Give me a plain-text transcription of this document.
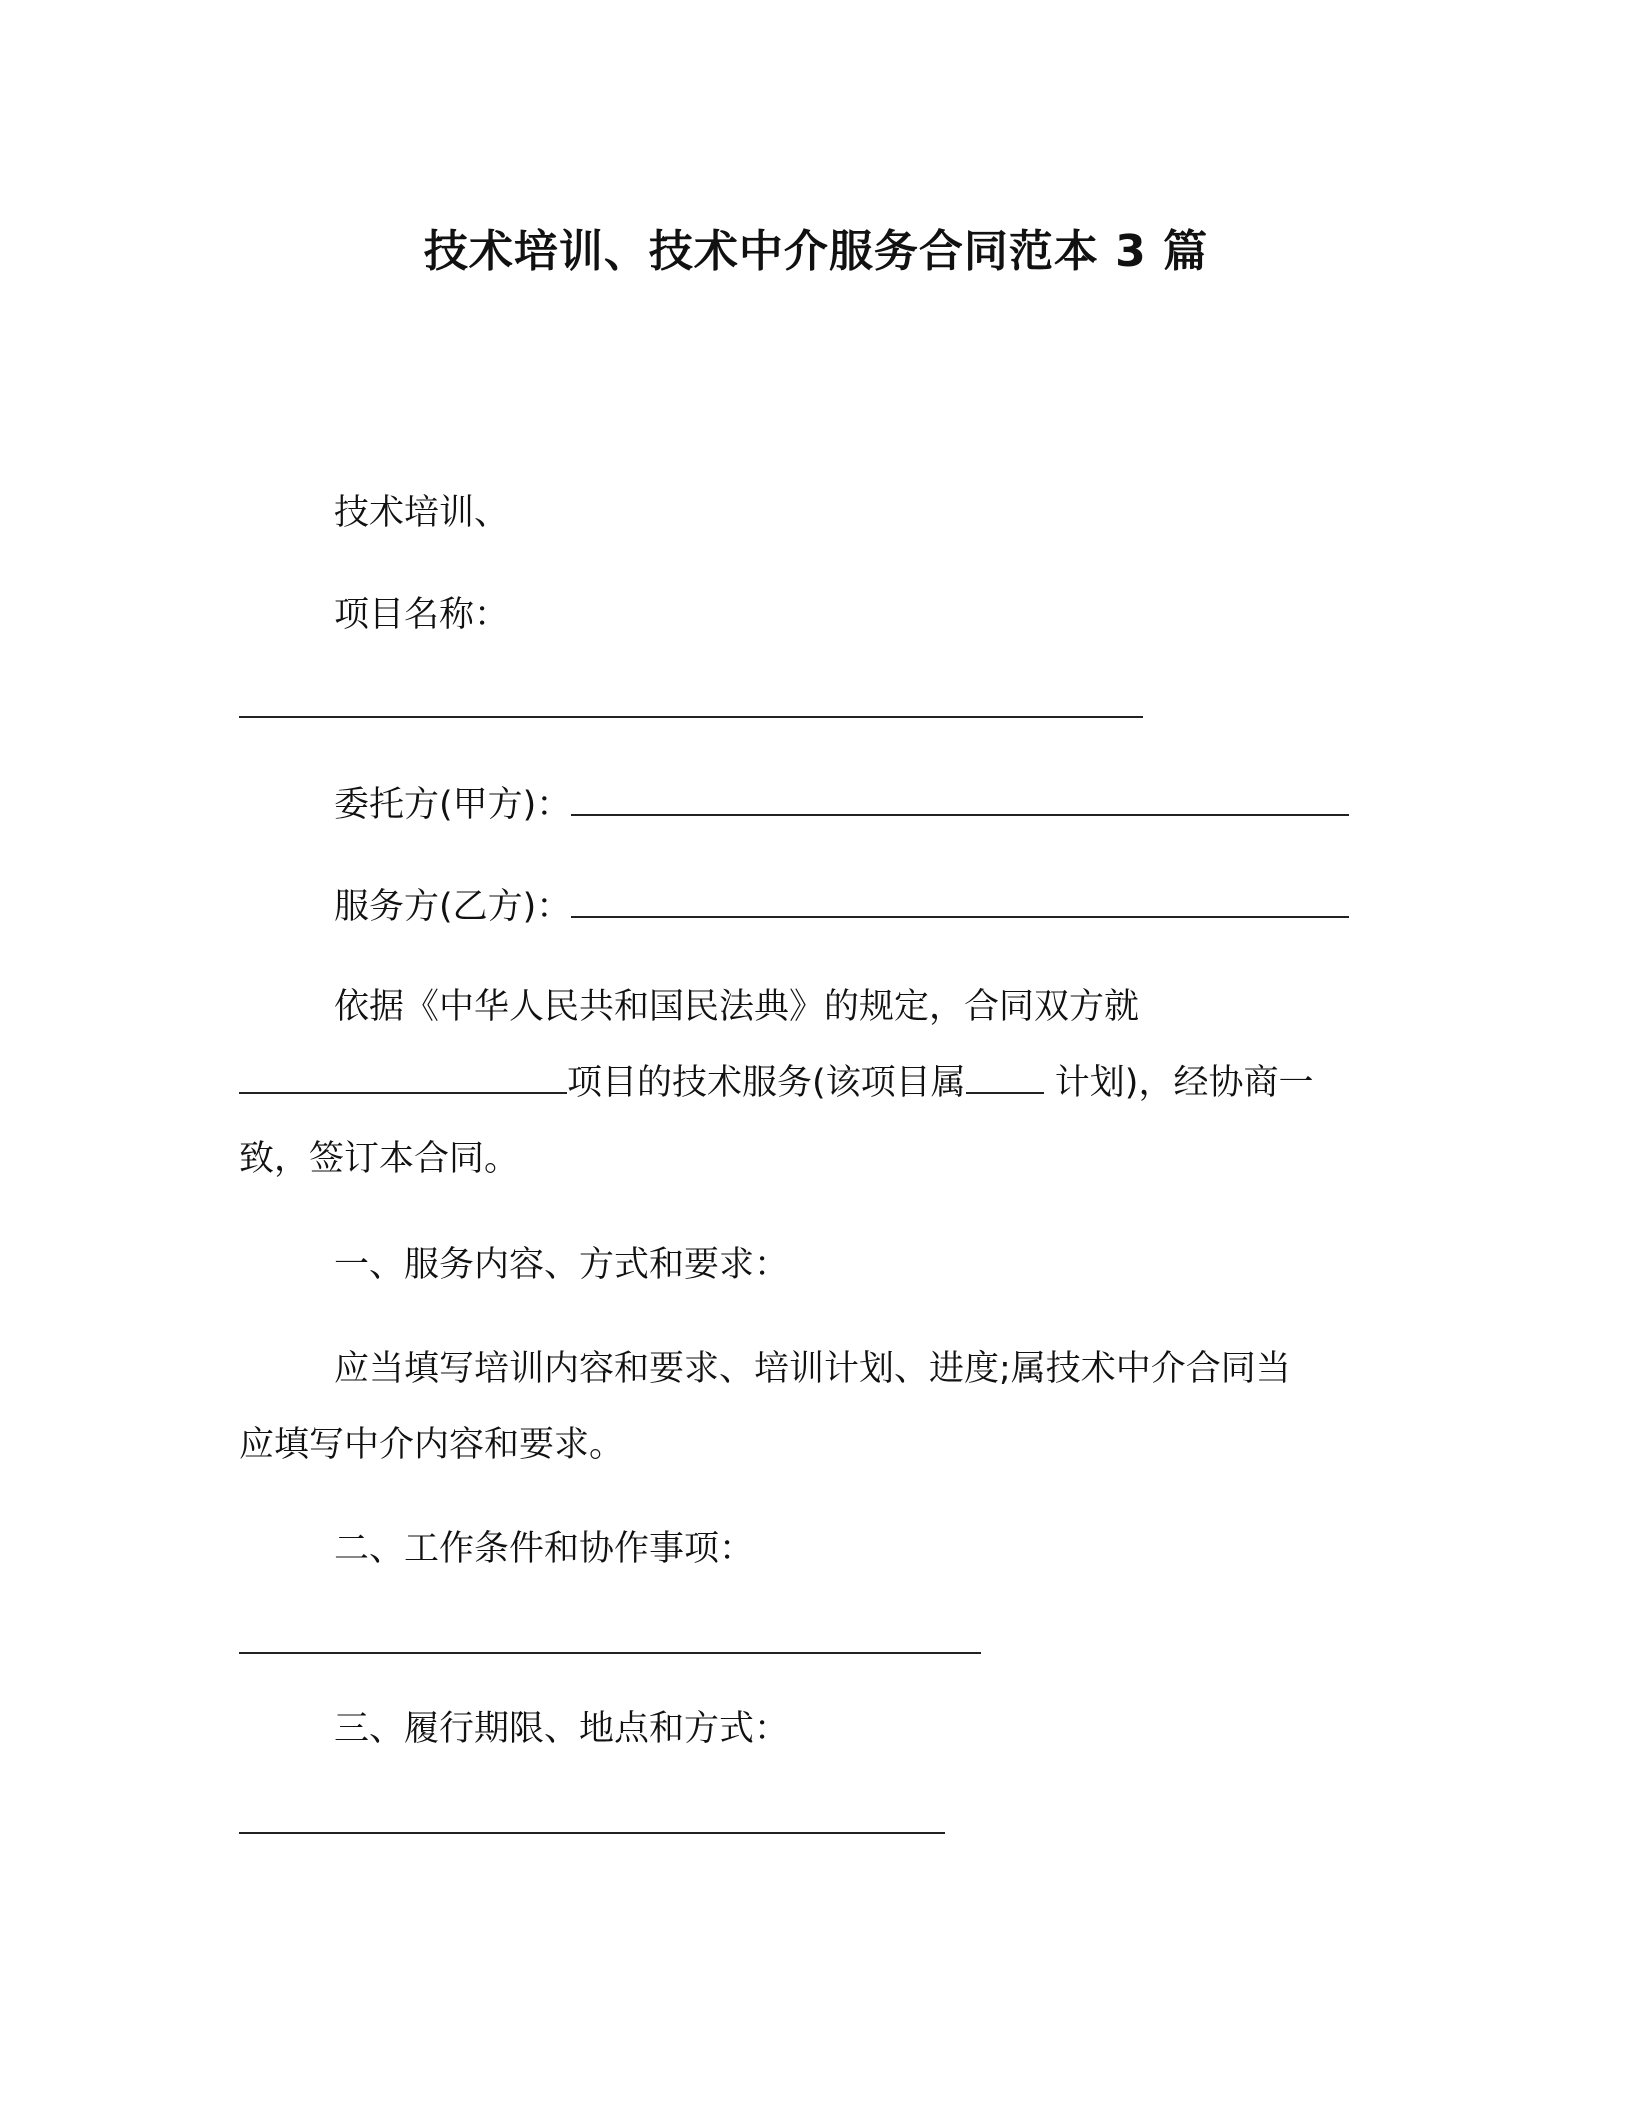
技术培训、技术中介服务合同范本 3 篇

技术培训、

项目名称：

委托方(甲方)：

服务方(乙方)：

依据《中华人民共和国民法典》的规定，合同双方就

项目的技术服务(该项目属	计划)，经协商一

致，签订本合同。

一、服务内容、方式和要求：

应当填写培训内容和要求、培训计划、进度;属技术中介合同当

应填写中介内容和要求。

二、工作条件和协作事项：

三、履行期限、地点和方式：
